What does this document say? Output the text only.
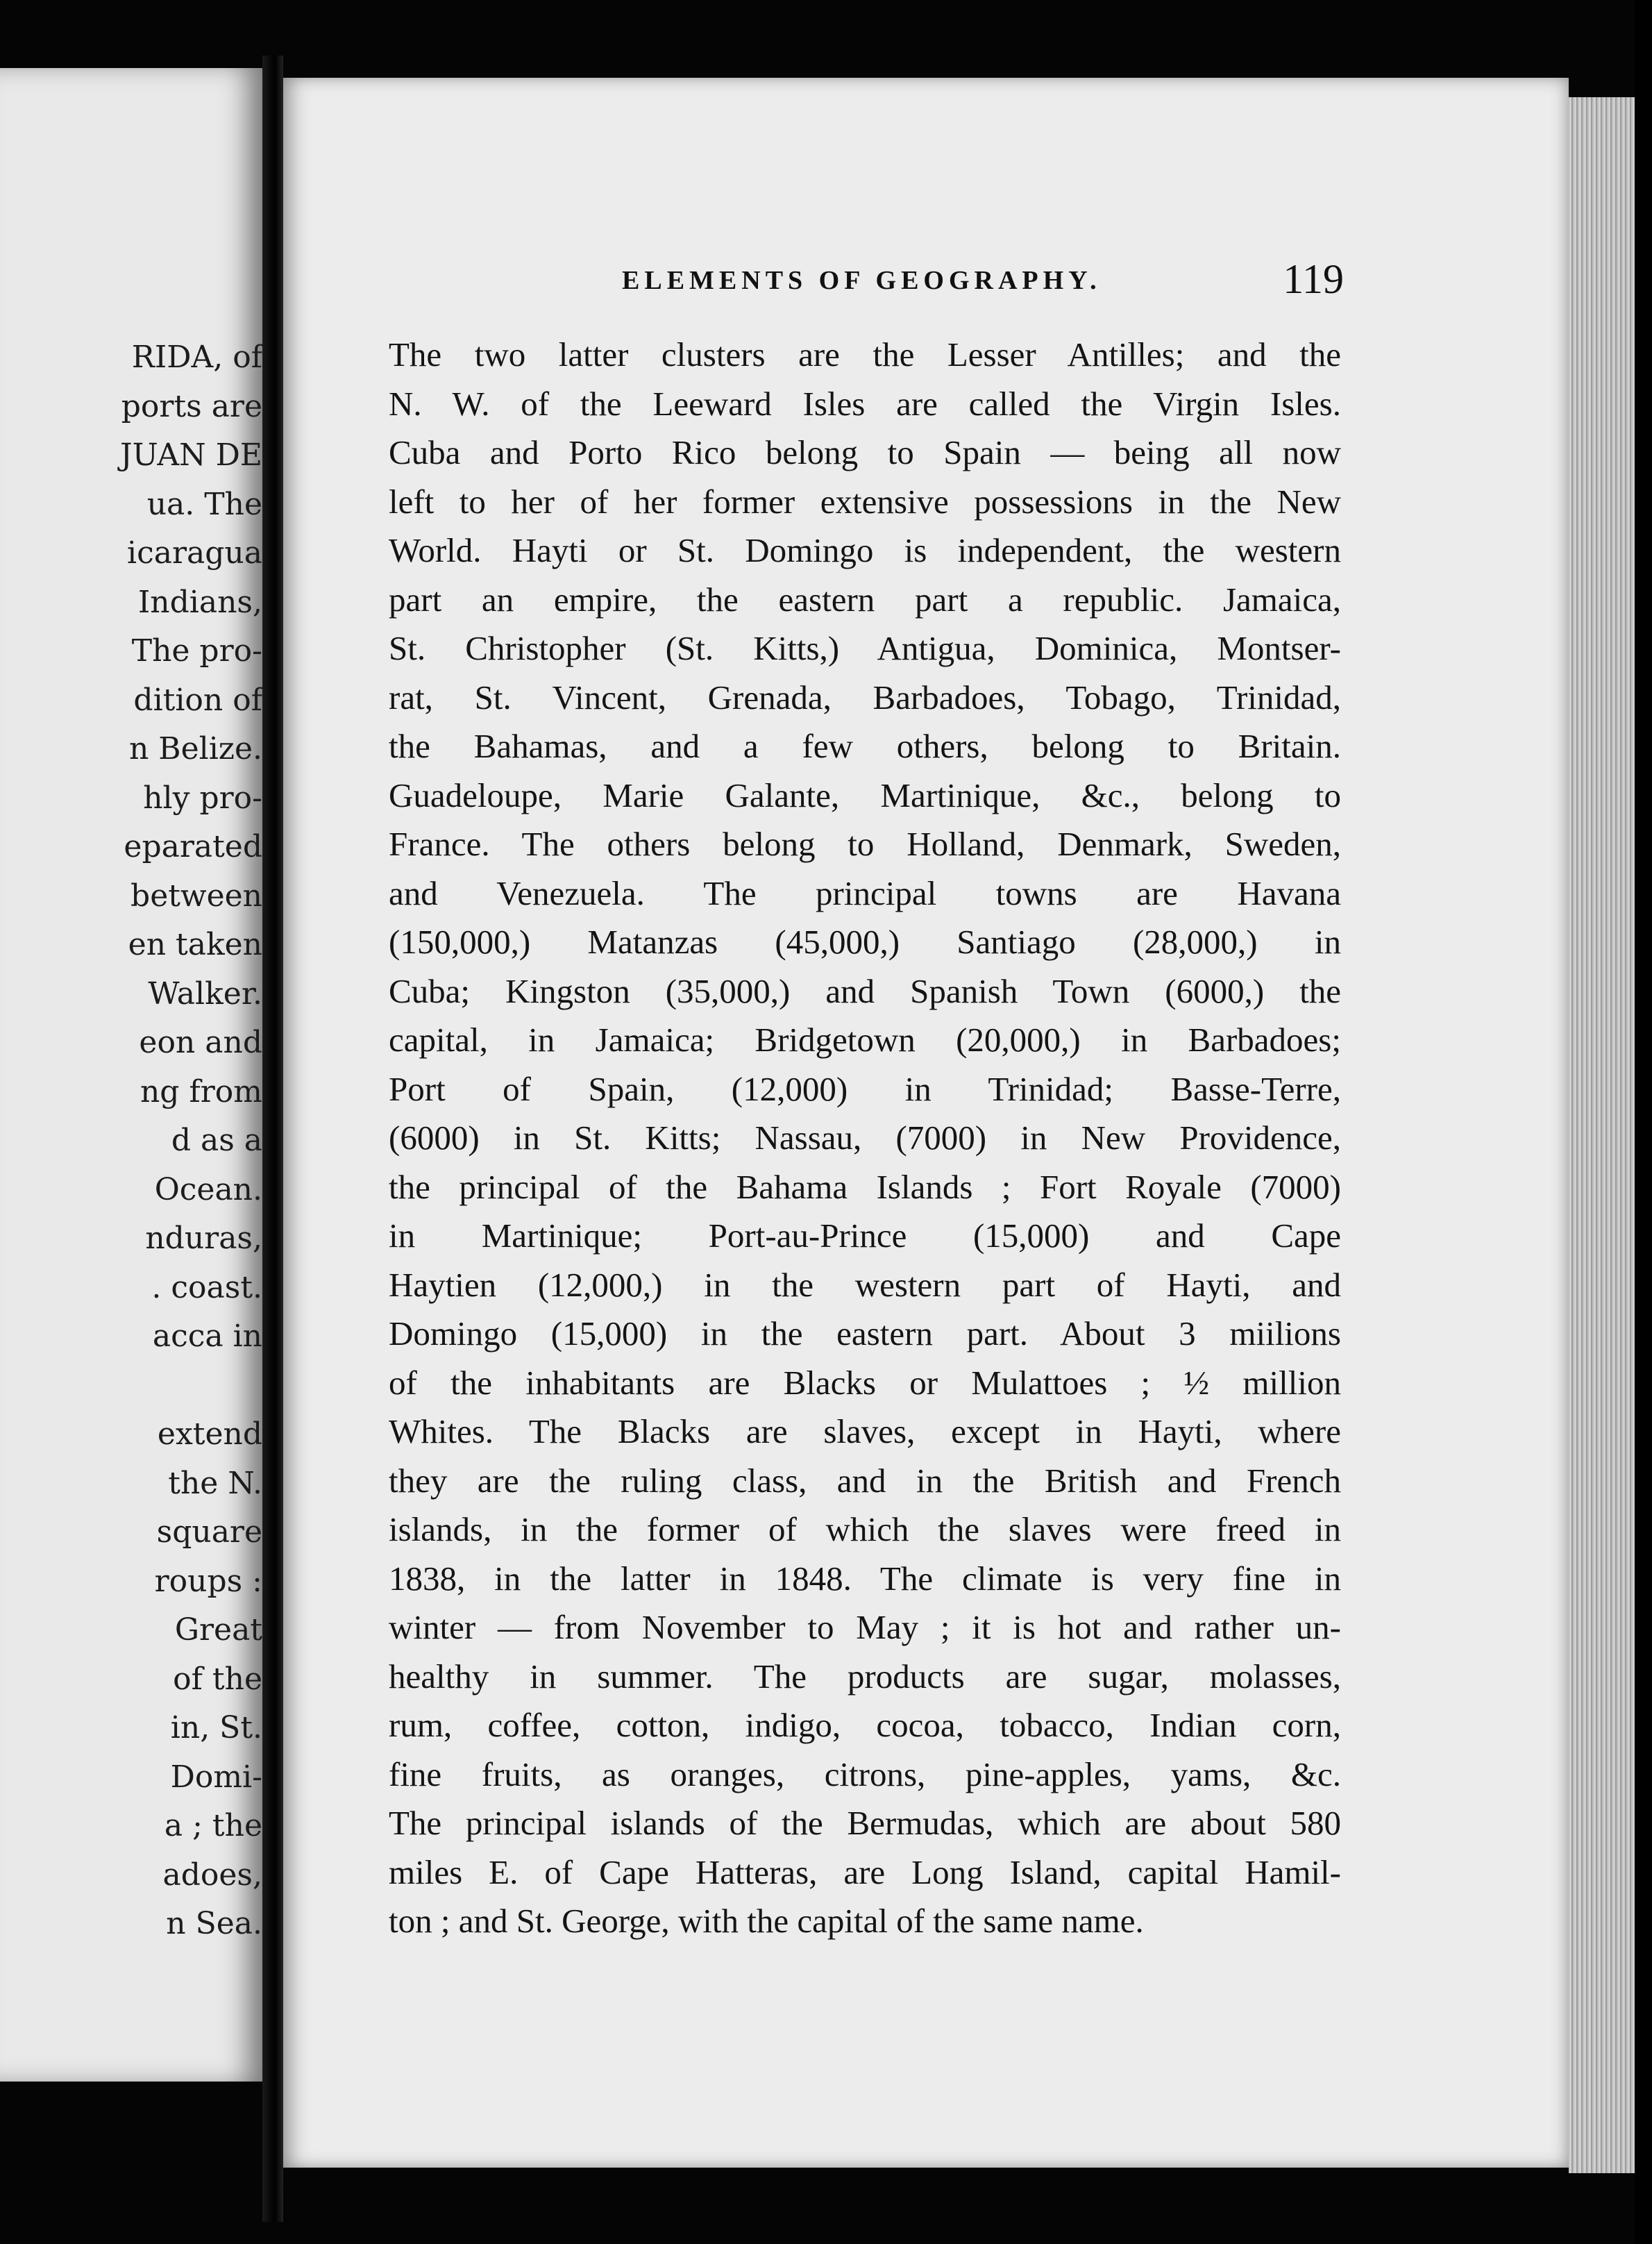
RIDA, of
ports are
JUAN DE
ua. The
icaragua
Indians,
The pro-
dition of
n Belize.
hly pro-
eparated
between
en taken
Walker.
eon and
ng from
d as a
Ocean.
nduras,
. coast.
acca in
extend
the N.
square
roups :
Great
of the
in, St.
Domi-
a ; the
adoes,
n Sea.
ELEMENTS OF GEOGRAPHY.	119
The two latter clusters are the Lesser Antilles; and the
N. W. of the Leeward Isles are called the Virgin Isles.
Cuba and Porto Rico belong to Spain — being all now
left to her of her former extensive possessions in the New
World. Hayti or St. Domingo is independent, the western
part an empire, the eastern part a republic. Jamaica,
St. Christopher (St. Kitts,) Antigua, Dominica, Montser-
rat, St. Vincent, Grenada, Barbadoes, Tobago, Trinidad,
the Bahamas, and a few others, belong to Britain.
Guadeloupe, Marie Galante, Martinique, &c., belong to
France. The others belong to Holland, Denmark, Sweden,
and Venezuela. The principal towns are Havana
(150,000,) Matanzas (45,000,) Santiago (28,000,) in
Cuba; Kingston (35,000,) and Spanish Town (6000,) the
capital, in Jamaica; Bridgetown (20,000,) in Barbadoes;
Port of Spain, (12,000) in Trinidad; Basse-Terre,
(6000) in St. Kitts; Nassau, (7000) in New Providence,
the principal of the Bahama Islands ; Fort Royale (7000)
in Martinique; Port-au-Prince (15,000) and Cape
Haytien (12,000,) in the western part of Hayti, and
Domingo (15,000) in the eastern part. About 3 miilions
of the inhabitants are Blacks or Mulattoes ; ½ million
Whites. The Blacks are slaves, except in Hayti, where
they are the ruling class, and in the British and French
islands, in the former of which the slaves were freed in
1838, in the latter in 1848. The climate is very fine in
winter — from November to May ; it is hot and rather un-
healthy in summer. The products are sugar, molasses,
rum, coffee, cotton, indigo, cocoa, tobacco, Indian corn,
fine fruits, as oranges, citrons, pine-apples, yams, &c.
The principal islands of the Bermudas, which are about 580
miles E. of Cape Hatteras, are Long Island, capital Hamil-
ton ; and St. George, with the capital of the same name.
